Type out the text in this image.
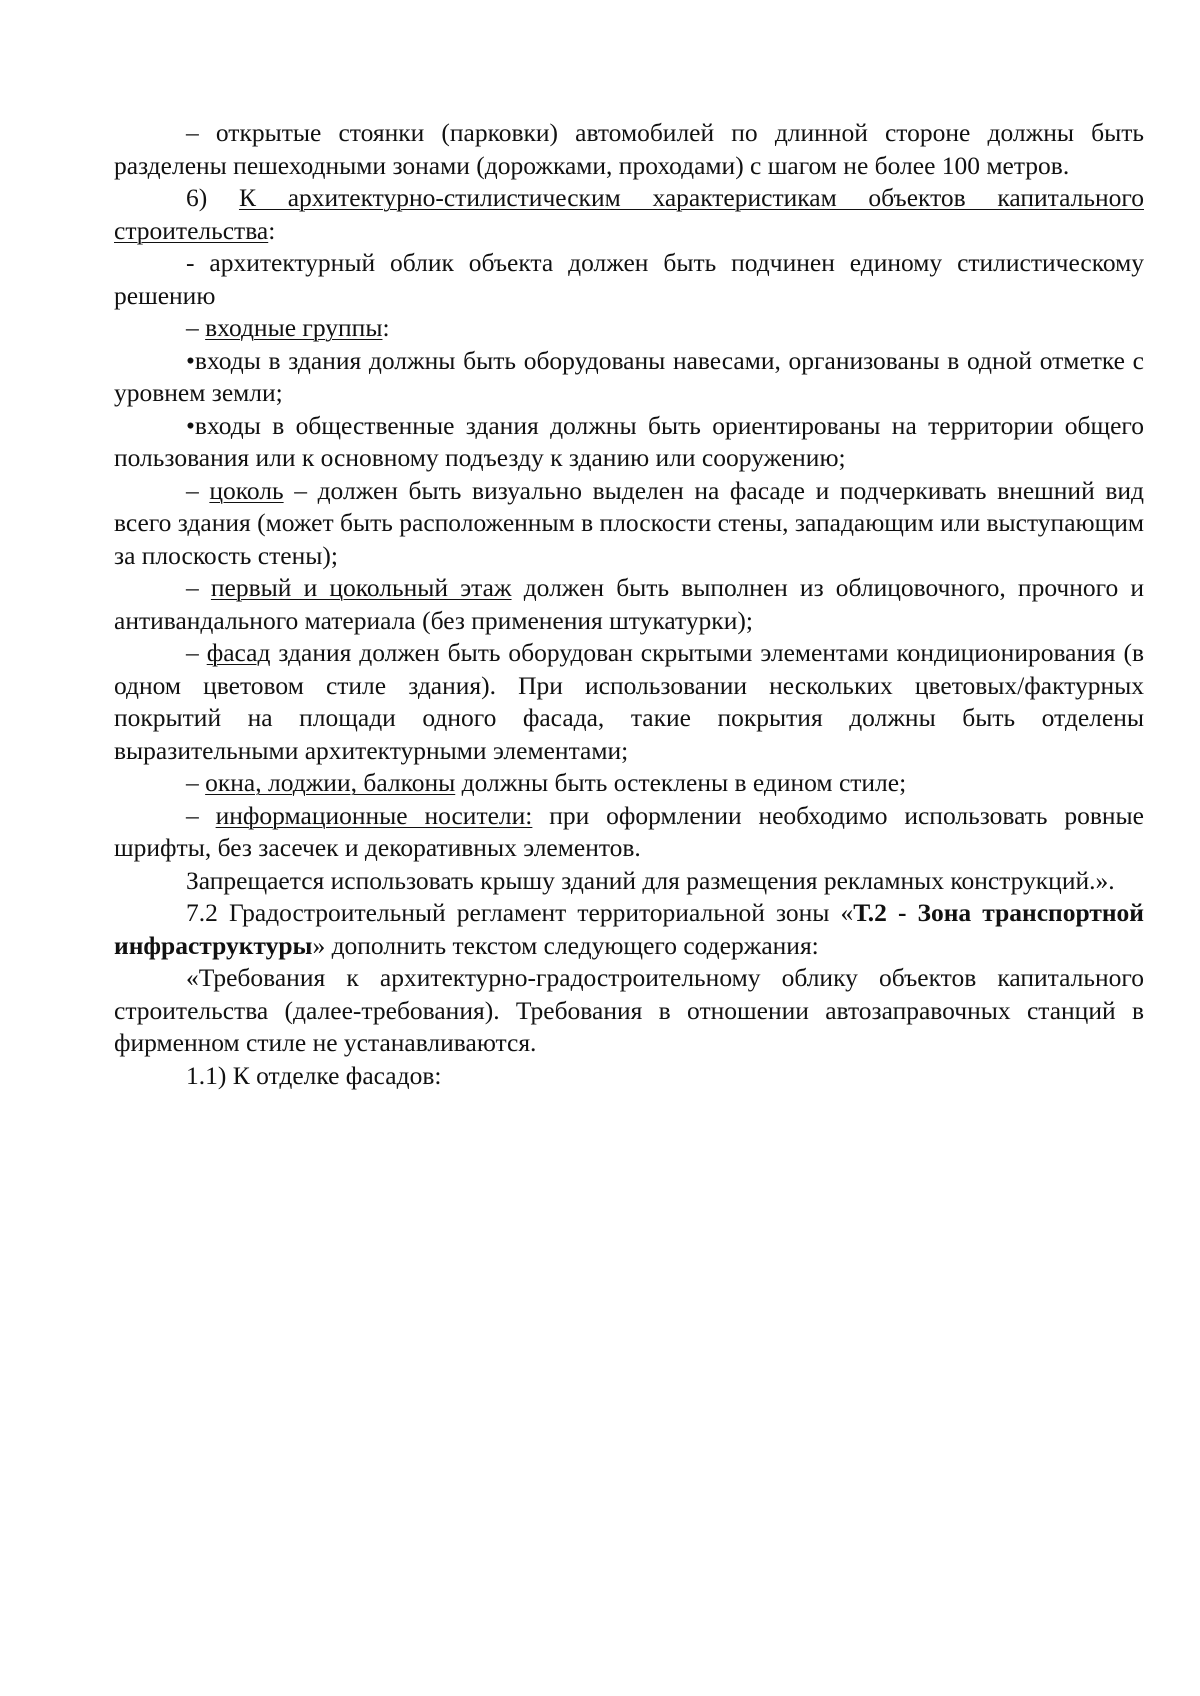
– открытые стоянки (парковки) автомобилей по длинной стороне должны быть разделены пешеходными зонами (дорожками, проходами) с шагом не более 100 метров.

6) К архитектурно-стилистическим характеристикам объектов капитального строительства:

- архитектурный облик объекта должен быть подчинен единому стилистическому решению

– входные группы:

•входы в здания должны быть оборудованы навесами, организованы в одной отметке с уровнем земли;

•входы в общественные здания должны быть ориентированы на территории общего пользования или к основному подъезду к зданию или сооружению;

– цоколь – должен быть визуально выделен на фасаде и подчеркивать внешний вид всего здания (может быть расположенным в плоскости стены, западающим или выступающим за плоскость стены);

– первый и цокольный этаж должен быть выполнен из облицовочного, прочного и антивандального материала (без применения штукатурки);

– фасад здания должен быть оборудован скрытыми элементами кондиционирования (в одном цветовом стиле здания). При использовании нескольких цветовых/фактурных покрытий на площади одного фасада, такие покрытия должны быть отделены выразительными архитектурными элементами;

– окна, лоджии, балконы должны быть остеклены в едином стиле;

– информационные носители: при оформлении необходимо использовать ровные шрифты, без засечек и декоративных элементов.

Запрещается использовать крышу зданий для размещения рекламных конструкций.».

7.2 Градостроительный регламент территориальной зоны «Т.2 - Зона транспортной инфраструктуры» дополнить текстом следующего содержания:

«Требования к архитектурно-градостроительному облику объектов капитального строительства (далее-требования). Требования в отношении автозаправочных станций в фирменном стиле не устанавливаются.

1.1) К отделке фасадов:
